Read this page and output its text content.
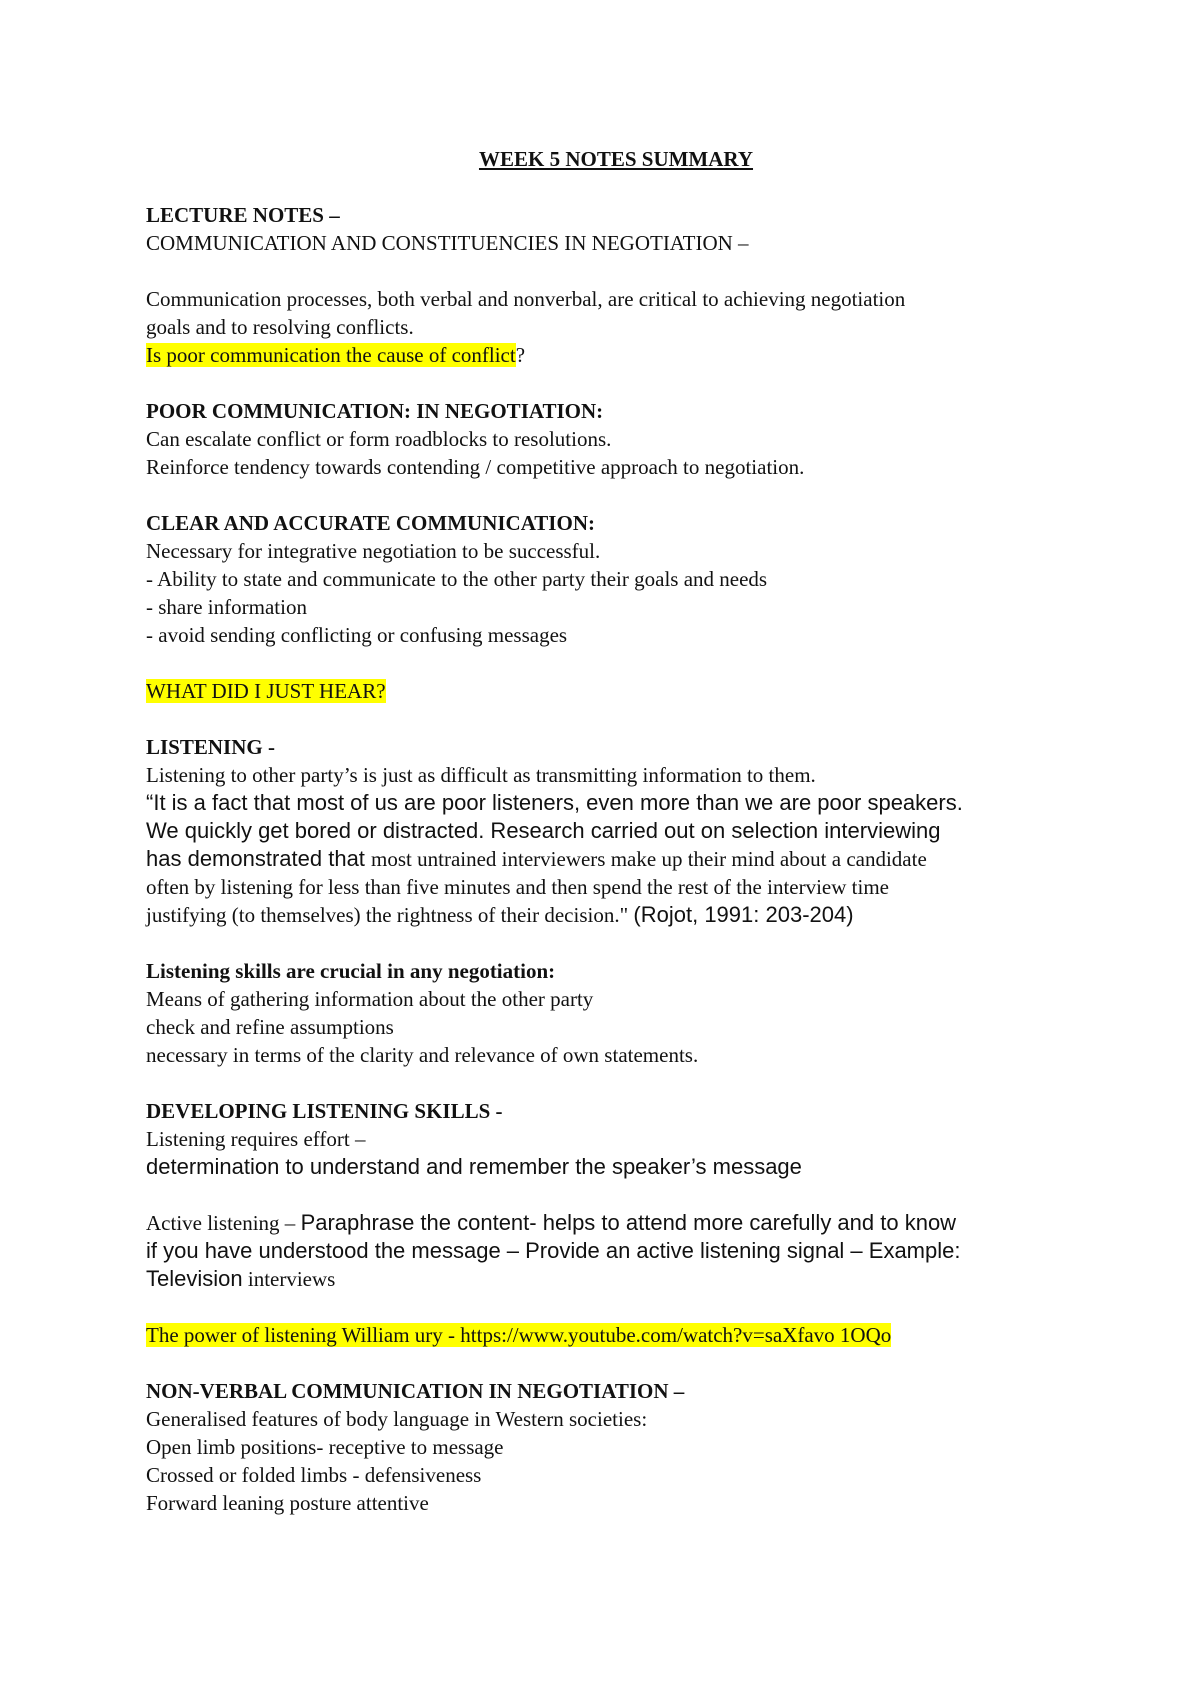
WEEK 5 NOTES SUMMARY
LECTURE NOTES –
COMMUNICATION AND CONSTITUENCIES IN NEGOTIATION –
Communication processes, both verbal and nonverbal, are critical to achieving negotiation
goals and to resolving conflicts.
Is poor communication the cause of conflict?
POOR COMMUNICATION: IN NEGOTIATION:
Can escalate conflict or form roadblocks to resolutions.
Reinforce tendency towards contending / competitive approach to negotiation.
CLEAR AND ACCURATE COMMUNICATION:
Necessary for integrative negotiation to be successful.
- Ability to state and communicate to the other party their goals and needs
- share information
- avoid sending conflicting or confusing messages
WHAT DID I JUST HEAR?
LISTENING -
Listening to other party’s is just as difficult as transmitting information to them.
“It is a fact that most of us are poor listeners, even more than we are poor speakers.
We quickly get bored or distracted. Research carried out on selection interviewing
has demonstrated that most untrained interviewers make up their mind about a candidate
often by listening for less than five minutes and then spend the rest of the interview time
justifying (to themselves) the rightness of their decision." (Rojot, 1991: 203-204)
Listening skills are crucial in any negotiation:
Means of gathering information about the other party
check and refine assumptions
necessary in terms of the clarity and relevance of own statements.
DEVELOPING LISTENING SKILLS -
Listening requires effort –
determination to understand and remember the speaker’s message
Active listening – Paraphrase the content- helps to attend more carefully and to know
if you have understood the message – Provide an active listening signal – Example:
Television interviews
The power of listening William ury - https://www.youtube.com/watch?v=saXfavo 1OQo
NON-VERBAL COMMUNICATION IN NEGOTIATION –
Generalised features of body language in Western societies:
Open limb positions- receptive to message
Crossed or folded limbs - defensiveness
Forward leaning posture attentive
